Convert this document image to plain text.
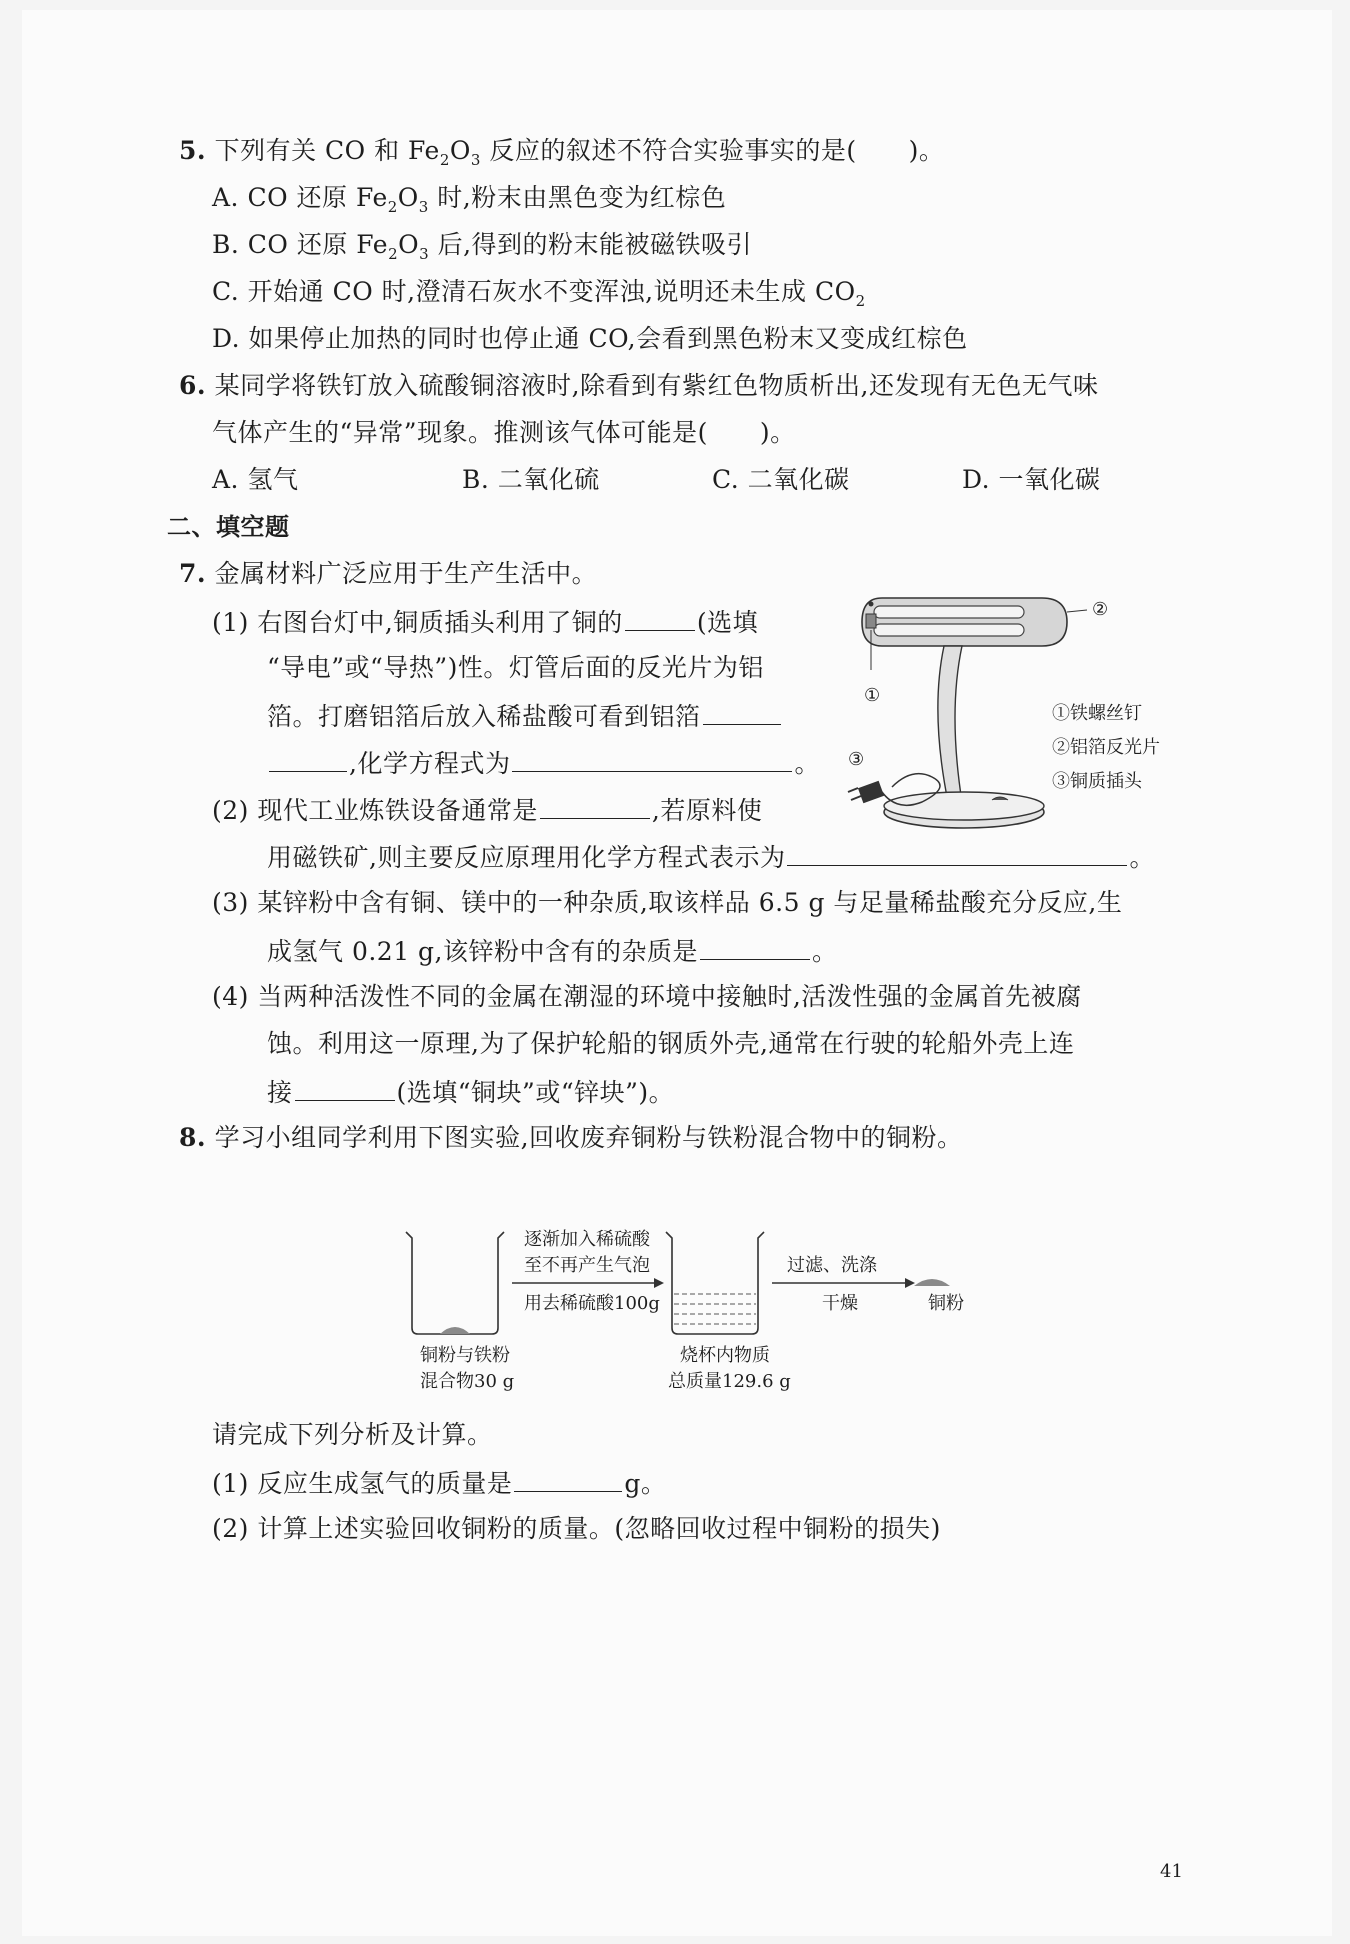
5. 下列有关 CO 和 $Fe_2O_3$ 反应的叙述不符合实验事实的是( )。
A. CO 还原 $Fe_2O_3$ 时,粉末由黑色变为红棕色
B. CO 还原 $Fe_2O_3$ 后,得到的粉末能被磁铁吸引
C. 开始通 CO 时,澄清石灰水不变浑浊,说明还未生成 $CO_2$
D. 如果停止加热的同时也停止通 CO,会看到黑色粉末又变成红棕色
6. 某同学将铁钉放入硫酸铜溶液时,除看到有紫红色物质析出,还发现有无色无气味
气体产生的“异常”现象。推测该气体可能是( )。
A. 氢气	B. 二氧化硫	C. 二氧化碳	D. 一氧化碳
二、填空题
7. 金属材料广泛应用于生产生活中。
(1) 右图台灯中,铜质插头利用了铜的	(选填
“导电”或“导热”)性。灯管后面的反光片为铝
箔。打磨铝箔后放入稀盐酸可看到铝箔
,化学方程式为	。
(2) 现代工业炼铁设备通常是	,若原料使
用磁铁矿,则主要反应原理用化学方程式表示为	。
(3) 某锌粉中含有铜、镁中的一种杂质,取该样品 6.5 g 与足量稀盐酸充分反应,生
成氢气 0.21 g,该锌粉中含有的杂质是	。
(4) 当两种活泼性不同的金属在潮湿的环境中接触时,活泼性强的金属首先被腐
蚀。利用这一原理,为了保护轮船的钢质外壳,通常在行驶的轮船外壳上连
接	(选填“铜块”或“锌块”)。
②
①
③
①铁螺丝钉
②铝箔反光片
③铜质插头
8. 学习小组同学利用下图实验,回收废弃铜粉与铁粉混合物中的铜粉。
逐渐加入稀硫酸
至不再产生气泡
用去稀硫酸100g
过滤、洗涤
干燥	铜粉
铜粉与铁粉
混合物30 g
烧杯内物质
总质量129.6 g
请完成下列分析及计算。
(1) 反应生成氢气的质量是	g。
(2) 计算上述实验回收铜粉的质量。(忽略回收过程中铜粉的损失)
41
